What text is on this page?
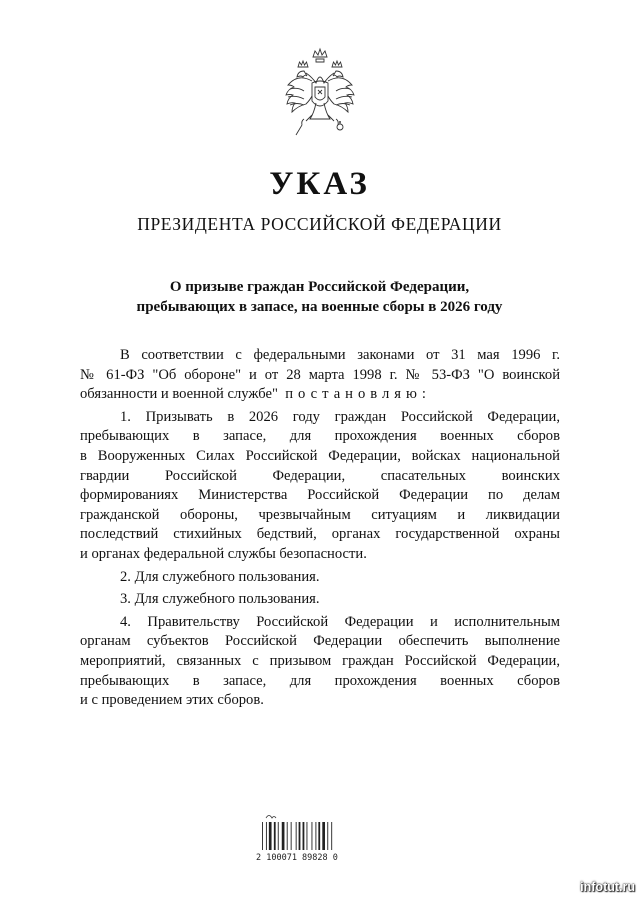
УКАЗ
ПРЕЗИДЕНТА РОССИЙСКОЙ ФЕДЕРАЦИИ
О призыве граждан Российской Федерации,
пребывающих в запасе, на военные сборы в 2026 году
В соответствии с федеральными законами от 31 мая 1996 г.
№ 61-ФЗ "Об обороне" и от 28 марта 1998 г. № 53-ФЗ "О воинской
обязанности и военной службе" постановляю:
1. Призывать в 2026 году граждан Российской Федерации,
пребывающих в запасе, для прохождения военных сборов
в Вооруженных Силах Российской Федерации, войсках национальной
гвардии Российской Федерации, спасательных воинских
формированиях Министерства Российской Федерации по делам
гражданской обороны, чрезвычайным ситуациям и ликвидации
последствий стихийных бедствий, органах государственной охраны
и органах федеральной службы безопасности.
2. Для служебного пользования.
3. Для служебного пользования.
4. Правительству Российской Федерации и исполнительным
органам субъектов Российской Федерации обеспечить выполнение
мероприятий, связанных с призывом граждан Российской Федерации,
пребывающих в запасе, для прохождения военных сборов
и с проведением этих сборов.
2 100071 89828 0
infotut.ru
